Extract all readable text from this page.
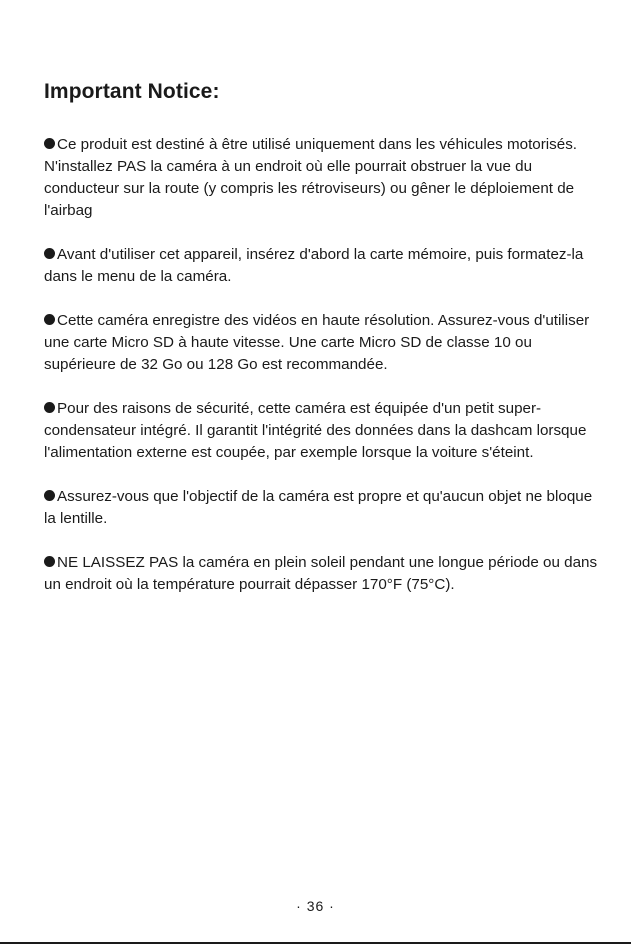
Important Notice:
Ce produit est destiné à être utilisé uniquement dans les véhicules motorisés. N'installez PAS la caméra à un endroit où elle pourrait obstruer la vue du conducteur sur la route (y compris les rétroviseurs) ou gêner le déploiement de l'airbag
Avant d'utiliser cet appareil, insérez d'abord la carte mémoire, puis formatez-la dans le menu de la caméra.
Cette caméra enregistre des vidéos en haute résolution. Assurez-vous d'utiliser une carte Micro SD à haute vitesse. Une carte Micro SD de classe 10 ou supérieure de 32 Go ou 128 Go est recommandée.
Pour des raisons de sécurité, cette caméra est équipée d'un petit super-condensateur intégré. Il garantit l'intégrité des données dans la dashcam lorsque l'alimentation externe est coupée, par exemple lorsque la voiture s'éteint.
Assurez-vous que l'objectif de la caméra est propre et qu'aucun objet ne bloque la lentille.
NE LAISSEZ PAS la caméra en plein soleil pendant une longue période ou dans un endroit où la température pourrait dépasser 170°F (75°C).
· 36 ·
